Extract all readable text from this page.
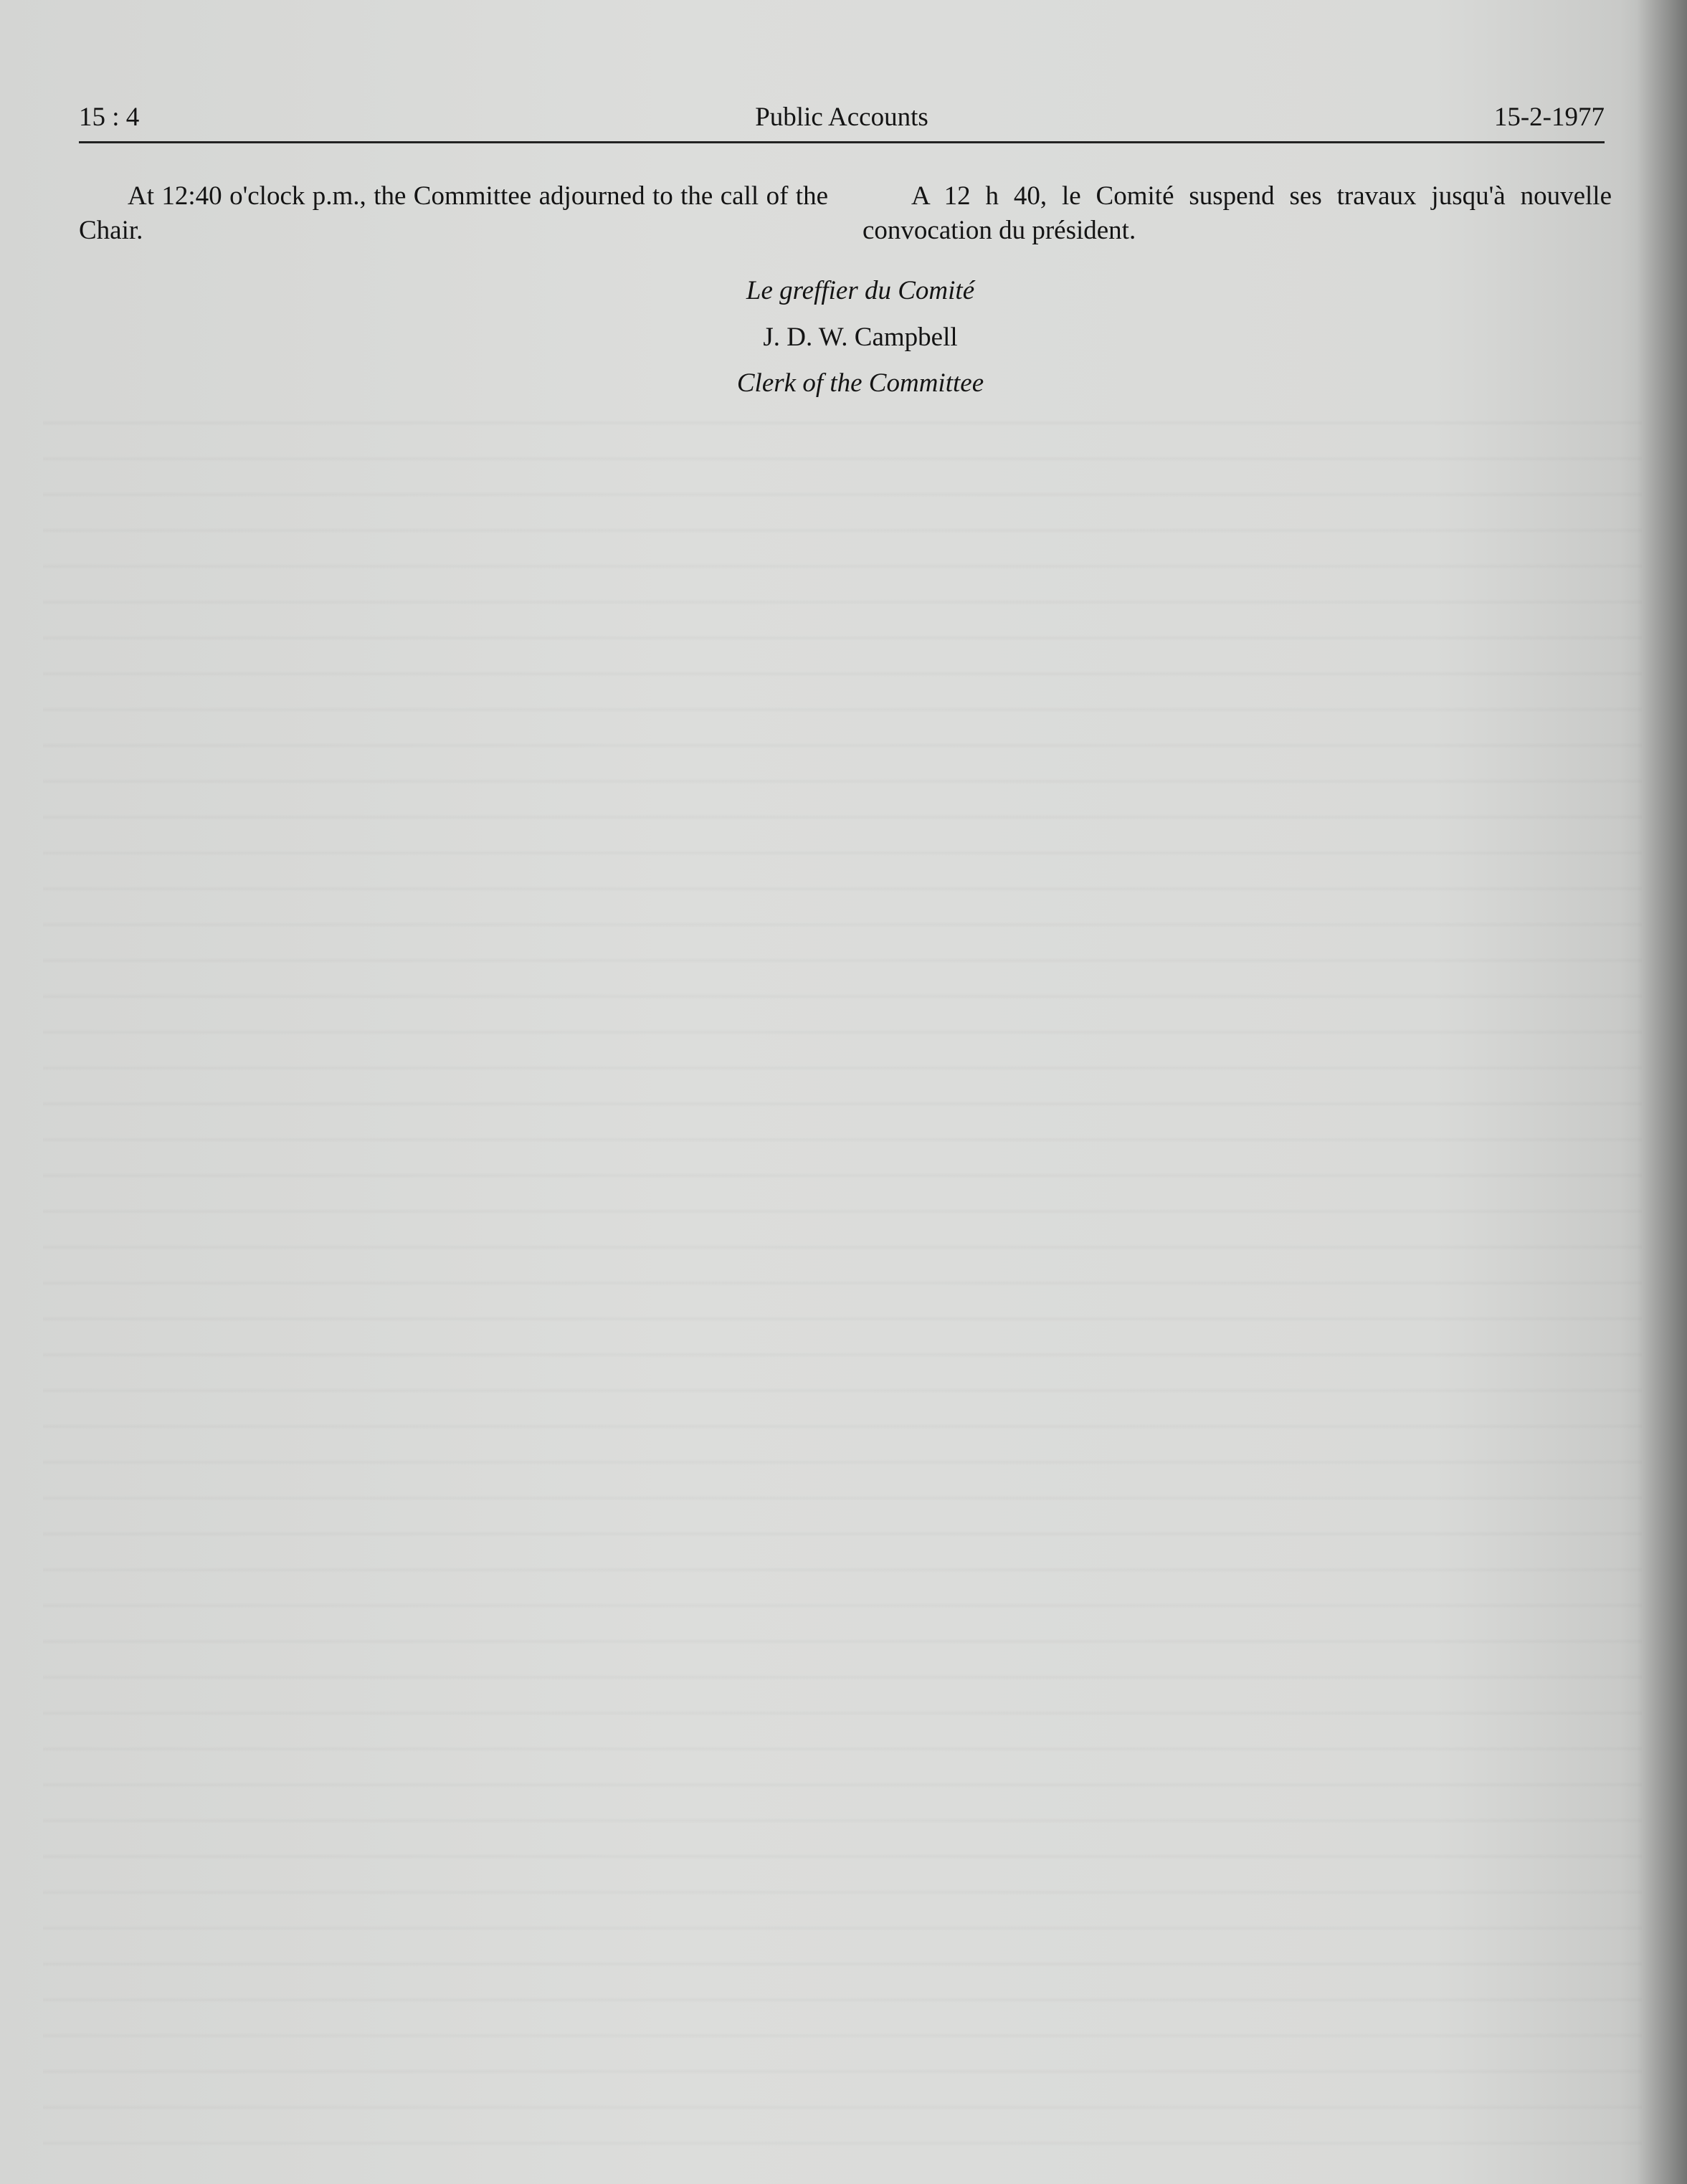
15 : 4	Public Accounts	15-2-1977
At 12:40 o'clock p.m., the Committee adjourned to the call of the Chair.
A 12 h 40, le Comité suspend ses travaux jusqu'à nouvelle convocation du président.
Le greffier du Comité
J. D. W. Campbell
Clerk of the Committee
